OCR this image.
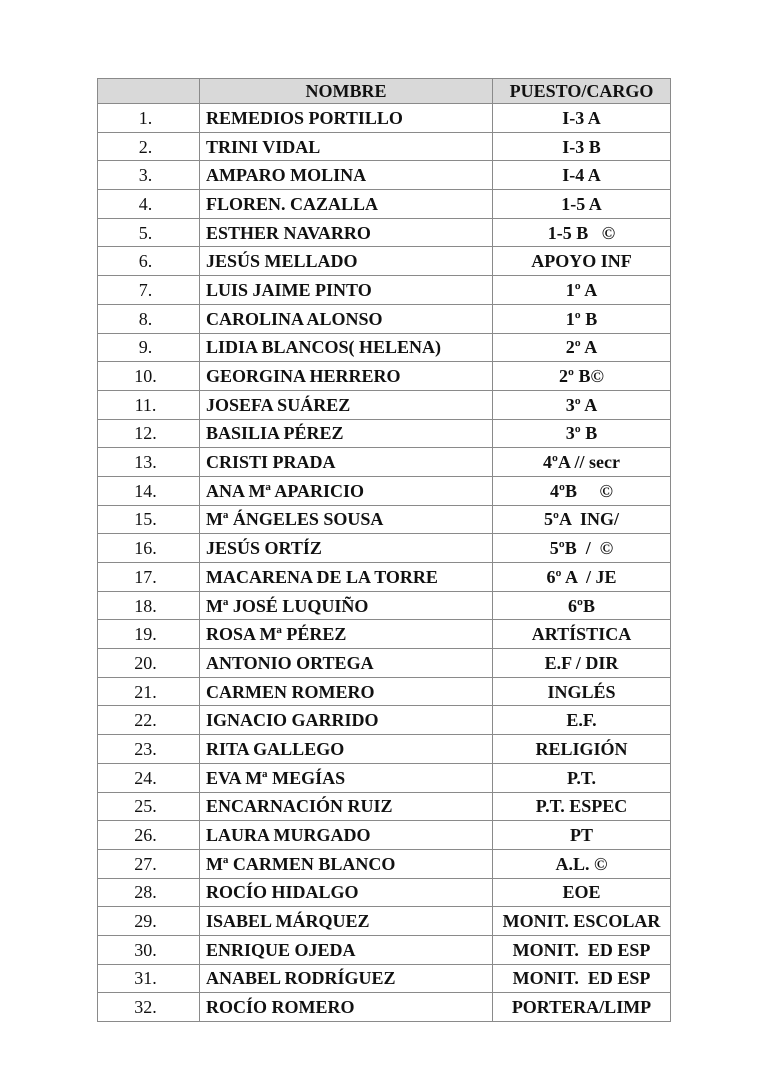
	NOMBRE	PUESTO/CARGO
1.	REMEDIOS PORTILLO	I-3 A
2.	TRINI VIDAL	I-3 B
3.	AMPARO MOLINA	I-4 A
4.	FLOREN. CAZALLA	1-5 A
5.	ESTHER NAVARRO	1-5 B   ©
6.	JESÚS MELLADO	APOYO INF
7.	LUIS JAIME PINTO	1º A
8.	CAROLINA ALONSO	1º B
9.	LIDIA BLANCOS( HELENA)	2º A
10.	GEORGINA HERRERO	2º B©
11.	JOSEFA SUÁREZ	3º A
12.	BASILIA PÉREZ	3º B
13.	CRISTI PRADA	4ºA // secr
14.	ANA Mª APARICIO	4ºB     ©
15.	Mª ÁNGELES SOUSA	5ºA  ING/
16.	JESÚS ORTÍZ	5ºB  /  ©
17.	MACARENA DE LA TORRE	6º A  / JE
18.	Mª JOSÉ LUQUIÑO	6ºB
19.	ROSA Mª PÉREZ	ARTÍSTICA
20.	ANTONIO ORTEGA	E.F / DIR
21.	CARMEN ROMERO	INGLÉS
22.	IGNACIO GARRIDO	E.F.
23.	RITA GALLEGO	RELIGIÓN
24.	EVA Mª MEGÍAS	P.T.
25.	ENCARNACIÓN RUIZ	P.T. ESPEC
26.	LAURA MURGADO	PT
27.	Mª CARMEN BLANCO	A.L. ©
28.	ROCÍO HIDALGO	EOE
29.	ISABEL MÁRQUEZ	MONIT. ESCOLAR
30.	ENRIQUE OJEDA	MONIT.  ED ESP
31.	ANABEL RODRÍGUEZ	MONIT.  ED ESP
32.	ROCÍO ROMERO	PORTERA/LIMP
